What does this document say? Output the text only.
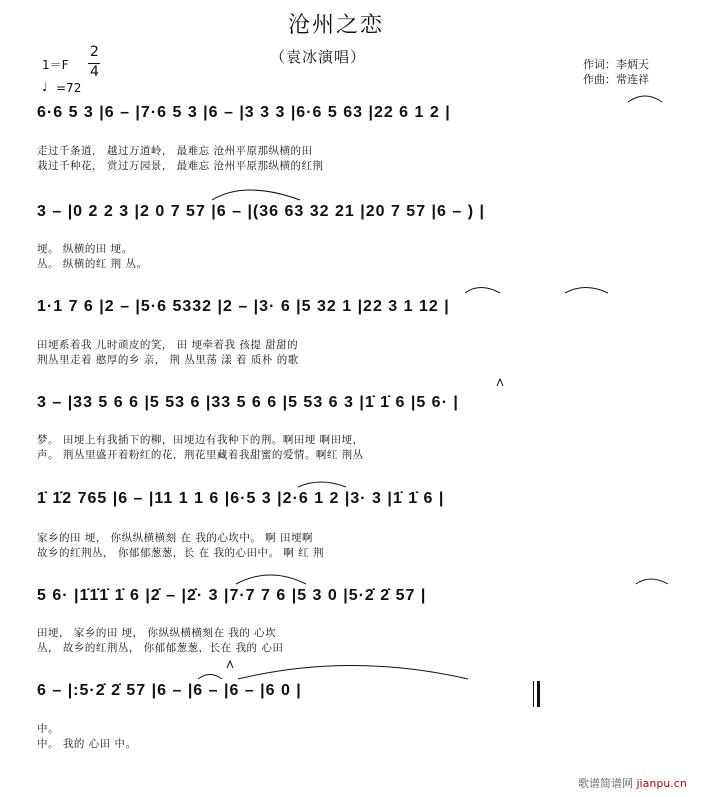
沧州之恋
（袁冰演唱）
1＝F
2
4
♩ =72
作词：李炳天
作曲：常连祥
6·6 5 3 |6 – |7·6 5 3 |6 – |3 3 3 |6·6 5 63 |22 6 1 2 |
走过千条道， 越过万道岭， 最难忘 沧州平原那纵横的田
栽过千种花， 赏过万园景， 最难忘 沧州平原那纵横的红荆
3 – |0 2 2 3 |2 0 7 57 |6 – |(36 63 32 21 |20 7 57 |6 – ) |
埂。 纵横的田 埂。
丛。 纵横的红 荆 丛。
1·1 7 6 |2 – |5·6 5332 |2 – |3· 6 |5 32 1 |22 3 1 12 |
田埂系着我 儿时顽皮的笑， 田 埂牵着我 孩提 甜甜的
荆丛里走着 憨厚的乡 亲， 荆 丛里荡 漾 着 质朴 的歌
3 – |33 5 6 6 |5 53 6 |33 5 6 6 |5 53 6 3 |1̇ 1̇ 6 |5 6· |
梦。 田埂上有我插下的柳，田埂边有我种下的荆。啊田埂 啊田埂，
声。 荆丛里盛开着粉红的花，荆花里藏着我甜蜜的爱情。啊红 荆丛
1̇ 1̇2 765 |6 – |11 1 1 6 |6·5 3 |2·6 1 2 |3· 3 |1̇ 1̇ 6 |
家乡的田 埂， 你纵纵横横刻 在 我的心坎中。 啊 田埂啊
故乡的红荆丛， 你郁郁葱葱，长 在 我的心田中。 啊 红 荆
5 6· |1̇1̇1̇ 1̇ 6 |2̇ – |2̇· 3 |7·7 7 6 |5 3 0 |5·2̇ 2̇ 57 |
田埂， 家乡的田 埂， 你纵纵横横刻在 我的 心坎
丛， 故乡的红荆丛， 你郁郁葱葱，长在 我的 心田
6 – |:5·2̇ 2̇ 57 |6 – |6 – |6 – |6 0 |
中。
中。 我的 心田 中。
歌谱简谱网 jianpu.cn
